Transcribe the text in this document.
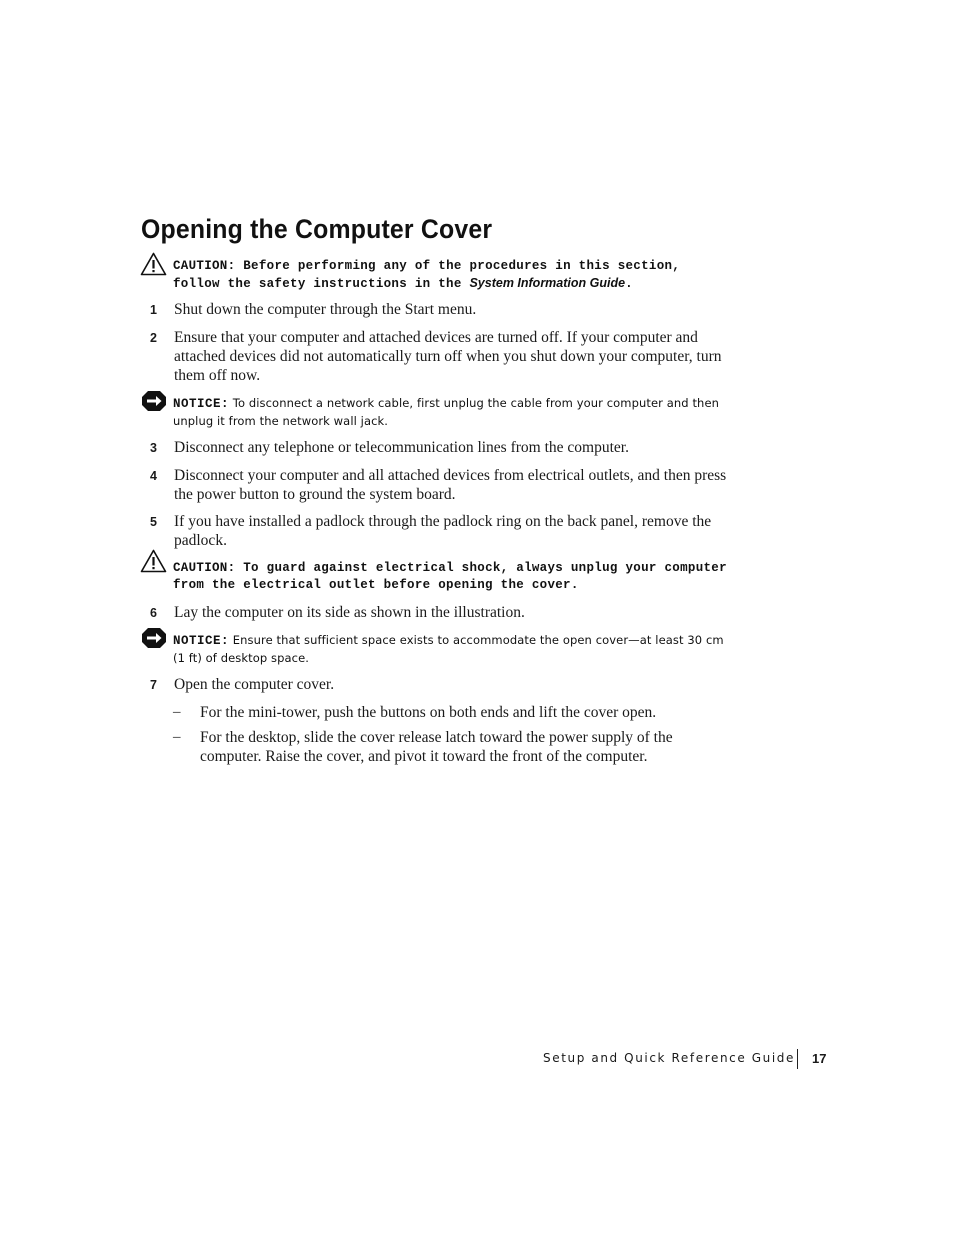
Opening the Computer Cover
CAUTION: Before performing any of the procedures in this section, follow the safety instructions in the System Information Guide.
1	Shut down the computer through the Start menu.
2	Ensure that your computer and attached devices are turned off. If your computer and attached devices did not automatically turn off when you shut down your computer, turn them off now.
NOTICE: To disconnect a network cable, first unplug the cable from your computer and then unplug it from the network wall jack.
3	Disconnect any telephone or telecommunication lines from the computer.
4	Disconnect your computer and all attached devices from electrical outlets, and then press the power button to ground the system board.
5	If you have installed a padlock through the padlock ring on the back panel, remove the padlock.
CAUTION: To guard against electrical shock, always unplug your computer from the electrical outlet before opening the cover.
6	Lay the computer on its side as shown in the illustration.
NOTICE: Ensure that sufficient space exists to accommodate the open cover—at least 30 cm (1 ft) of desktop space.
7	Open the computer cover.
–	For the mini-tower, push the buttons on both ends and lift the cover open.
–	For the desktop, slide the cover release latch toward the power supply of the computer. Raise the cover, and pivot it toward the front of the computer.
Setup and Quick Reference Guide 17
